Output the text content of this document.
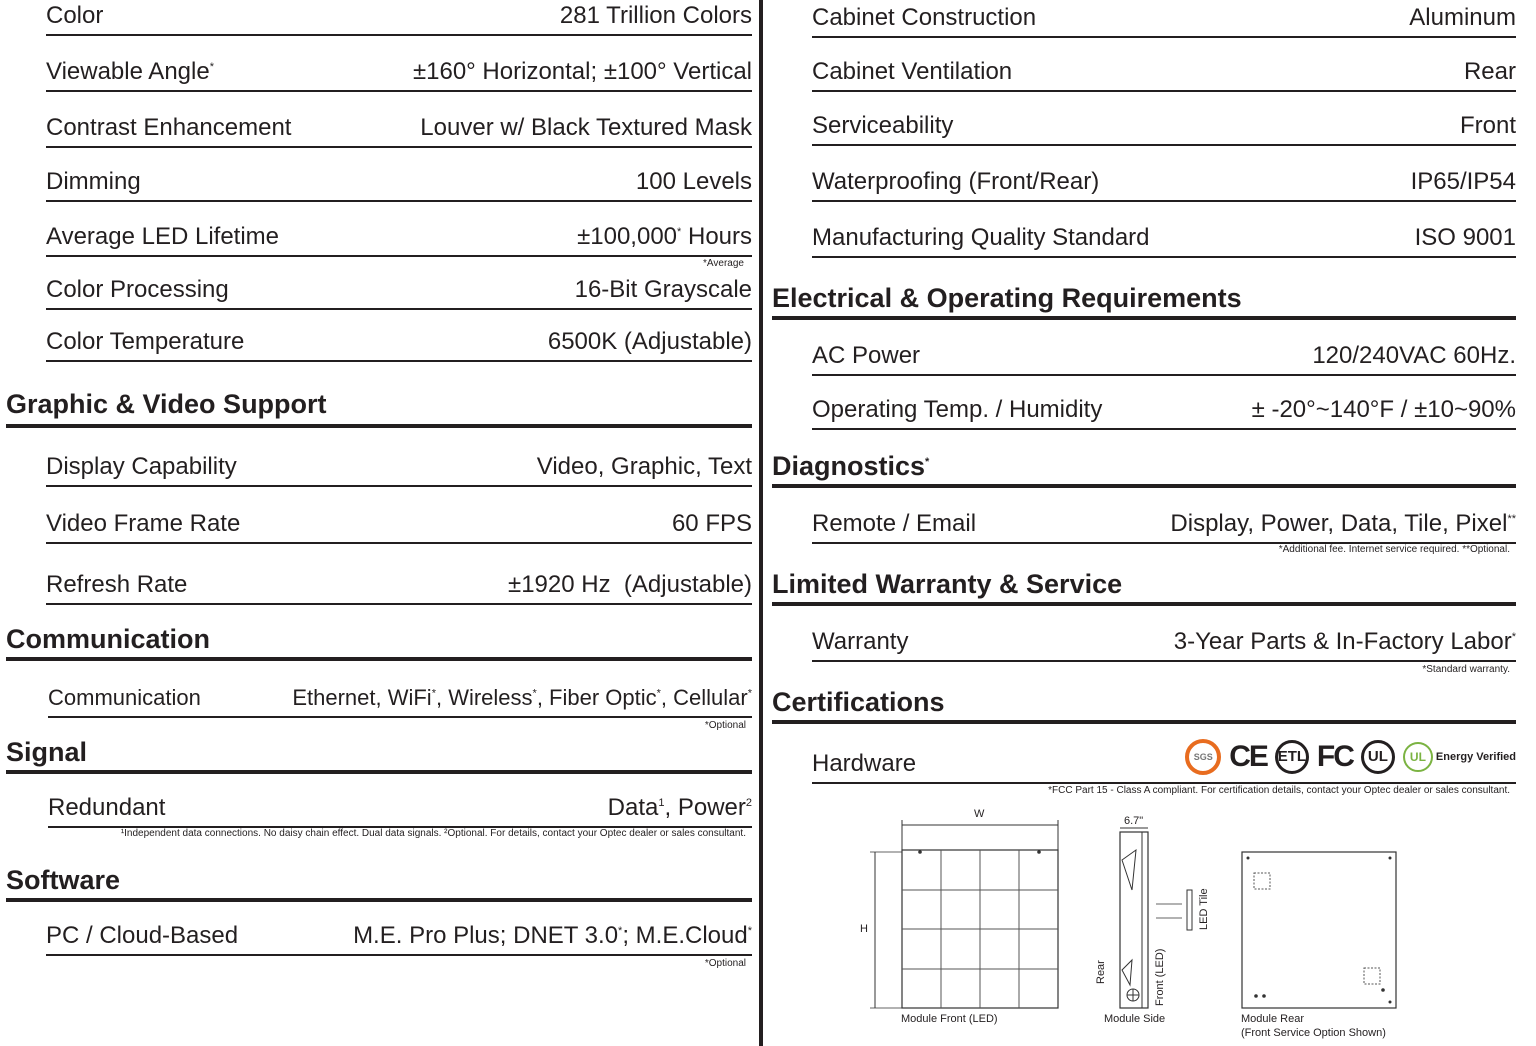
Color	281 Trillion Colors
Viewable Angle*	±160° Horizontal; ±100° Vertical
Contrast Enhancement	Louver w/ Black Textured Mask
Dimming	100 Levels
Average LED Lifetime	±100,000* Hours
*Average
Color Processing	16-Bit Grayscale
Color Temperature	6500K (Adjustable)
Graphic & Video Support
Display Capability	Video, Graphic, Text
Video Frame Rate	60 FPS
Refresh Rate	±1920 Hz  (Adjustable)
Communication
Communication	Ethernet, WiFi*, Wireless*, Fiber Optic*, Cellular*
*Optional
Signal
Redundant	Data$^1$, Power$^2$
¹Independent data connections. No daisy chain effect. Dual data signals. ²Optional. For details, contact your Optec dealer or sales consultant.
Software
PC / Cloud-Based	M.E. Pro Plus; DNET 3.0*; M.E.Cloud*
*Optional
Cabinet Construction	Aluminum
Cabinet Ventilation	Rear
Serviceability	Front
Waterproofing (Front/Rear)	IP65/IP54
Manufacturing Quality Standard	ISO 9001
Electrical & Operating Requirements
AC Power	120/240VAC 60Hz.
Operating Temp. / Humidity	± -20°~140°F / ±10~90%
Diagnostics*
Remote / Email	Display, Power, Data, Tile, Pixel**
*Additional fee. Internet service required. **Optional.
Limited Warranty & Service
Warranty	3-Year Parts & In-Factory Labor*
*Standard warranty.
Certifications
Hardware	SGS CE ETL FC	UL	UL Energy Verified
*FCC Part 15 - Class A compliant. For certification details, contact your Optec dealer or sales consultant.
W
H
Module Front (LED)
6.7"
Rear	Front (LED)
LED Tile
Module Side	Module Rear
(Front Service Option Shown)
